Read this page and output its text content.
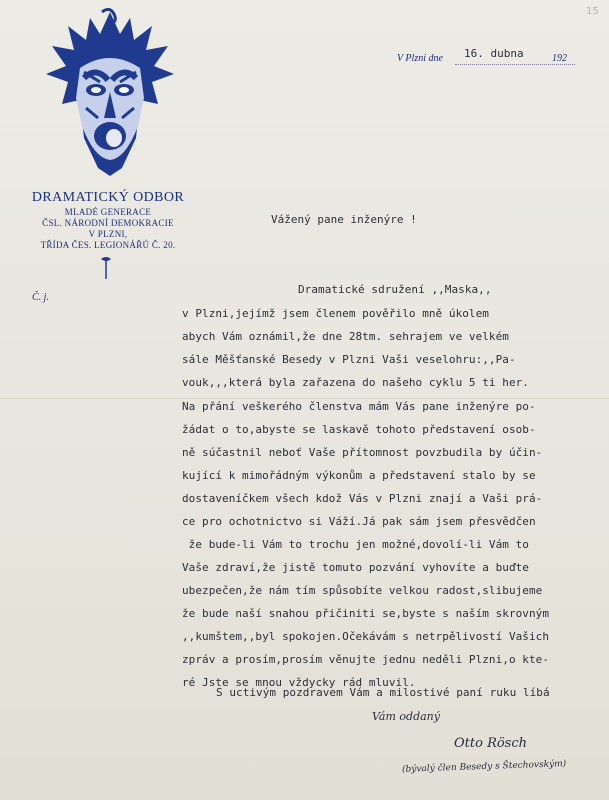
15
DRAMATICKÝ ODBOR
MLADÉ GENERACE
ČSL. NÁRODNÍ DEMOKRACIE
V PLZNI,
TŘÍDA ČES. LEGIONÁŘŮ Č. 20.
Č. j.
V Plzni dne 16. dubna	192
Vážený pane inženýre !
Dramatické sdružení ,,Maska,,
v Plzni,jejímž jsem členem pověřilo mně úkolem
abych Vám oznámil,že dne 28tm. sehrajem ve velkém
sále Měšťanské Besedy v Plzni Vaši veselohru:,,Pa-
vouk,,,která byla zařazena do našeho cyklu 5 ti her.
Na přání veškerého členstva mám Vás pane inženýre po-
žádat o to,abyste se laskavě tohoto představení osob-
ně súčastnil neboť Vaše přítomnost povzbudila by účin-
kující k mimořádným výkonům a představení stalo by se
dostaveníčkem všech kdož Vás v Plzni znají a Vaši prá-
ce pro ochotnictvo si Váží.Já pak sám jsem přesvědčen
že bude-li Vám to trochu jen možné,dovolí-li Vám to
Vaše zdraví,že jistě tomuto pozvání vyhovíte a buďte
ubezpečen,že nám tím spůsobíte velkou radost,slibujeme
že bude naší snahou přičiniti se,byste s naším skrovným
,,kumštem,,byl spokojen.Očekávám s netrpělivostí Vašich
zpráv a prosím,prosím věnujte jednu neděli Plzni,o kte-
ré Jste se mnou vždycky rád mluvil.
S uctivým pozdravem Vám a milostivé paní ruku líbá
Vám oddaný
Otto Rösch
(bývalý člen Besedy s Štechovským)
